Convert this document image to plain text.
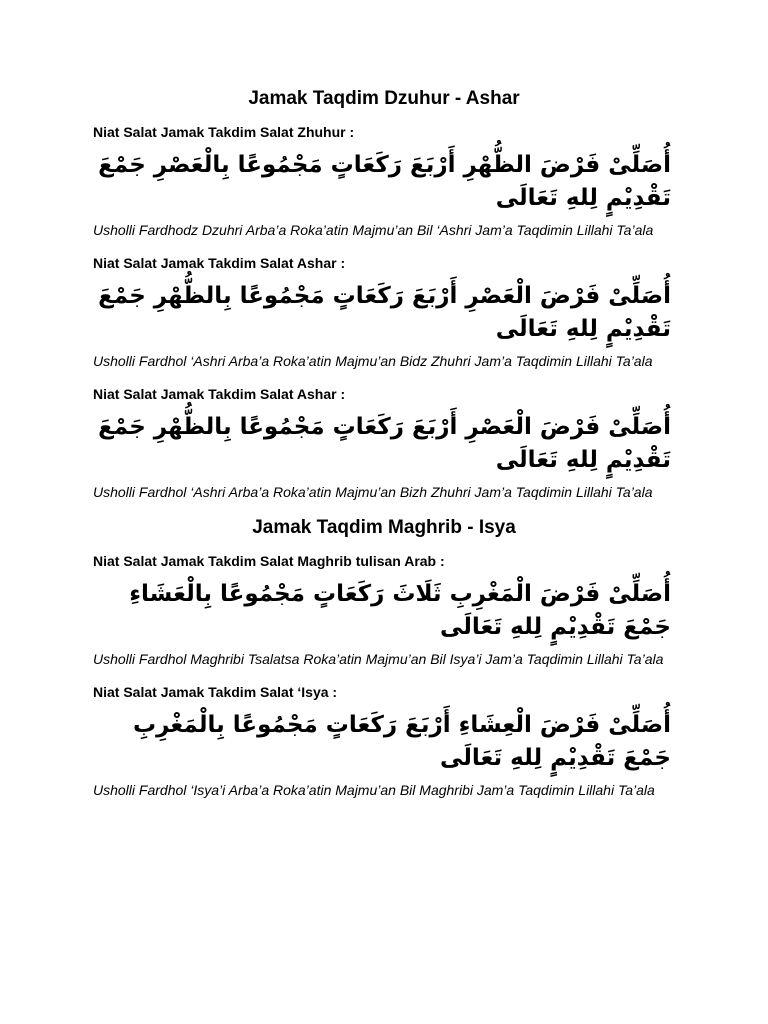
Jamak Taqdim Dzuhur - Ashar

Niat Salat Jamak Takdim Salat Zhuhur :

أُصَلِّىْ فَرْضَ الظُّهْرِ أَرْبَعَ رَكَعَاتٍ مَجْمُوعًا بِالْعَصْرِ جَمْعَ تَقْدِيْمٍ لِلهِ تَعَالَى

Usholli Fardhodz Dzuhri Arba’a Roka’atin Majmu’an Bil ‘Ashri Jam’a Taqdimin Lillahi Ta’ala

Niat Salat Jamak Takdim Salat Ashar :

أُصَلِّىْ فَرْضَ الْعَصْرِ أَرْبَعَ رَكَعَاتٍ مَجْمُوعًا بِالظُّهْرِ جَمْعَ تَقْدِيْمٍ لِلهِ تَعَالَى

Usholli Fardhol ‘Ashri Arba’a Roka’atin Majmu’an Bidz Zhuhri Jam’a Taqdimin Lillahi Ta’ala

Niat Salat Jamak Takdim Salat Ashar :

أُصَلِّىْ فَرْضَ الْعَصْرِ أَرْبَعَ رَكَعَاتٍ مَجْمُوعًا بِالظُّهْرِ جَمْعَ تَقْدِيْمٍ لِلهِ تَعَالَى

Usholli Fardhol ‘Ashri Arba’a Roka’atin Majmu’an Bizh Zhuhri Jam’a Taqdimin Lillahi Ta’ala

Jamak Taqdim Maghrib - Isya

Niat Salat Jamak Takdim Salat Maghrib tulisan Arab :

أُصَلِّىْ فَرْضَ الْمَغْرِبِ ثَلَاثَ رَكَعَاتٍ مَجْمُوعًا بِالْعَشَاءِ جَمْعَ تَقْدِيْمٍ لِلهِ تَعَالَى

Usholli Fardhol Maghribi Tsalatsa Roka’atin Majmu’an Bil Isya’i Jam’a Taqdimin Lillahi Ta’ala

Niat Salat Jamak Takdim Salat ‘Isya :

أُصَلِّىْ فَرْضَ الْعِشَاءِ أَرْبَعَ رَكَعَاتٍ مَجْمُوعًا بِالْمَغْرِبِ جَمْعَ تَقْدِيْمٍ لِلهِ تَعَالَى

Usholli Fardhol ‘Isya’i Arba’a Roka’atin Majmu’an Bil Maghribi Jam’a Taqdimin Lillahi Ta’ala
